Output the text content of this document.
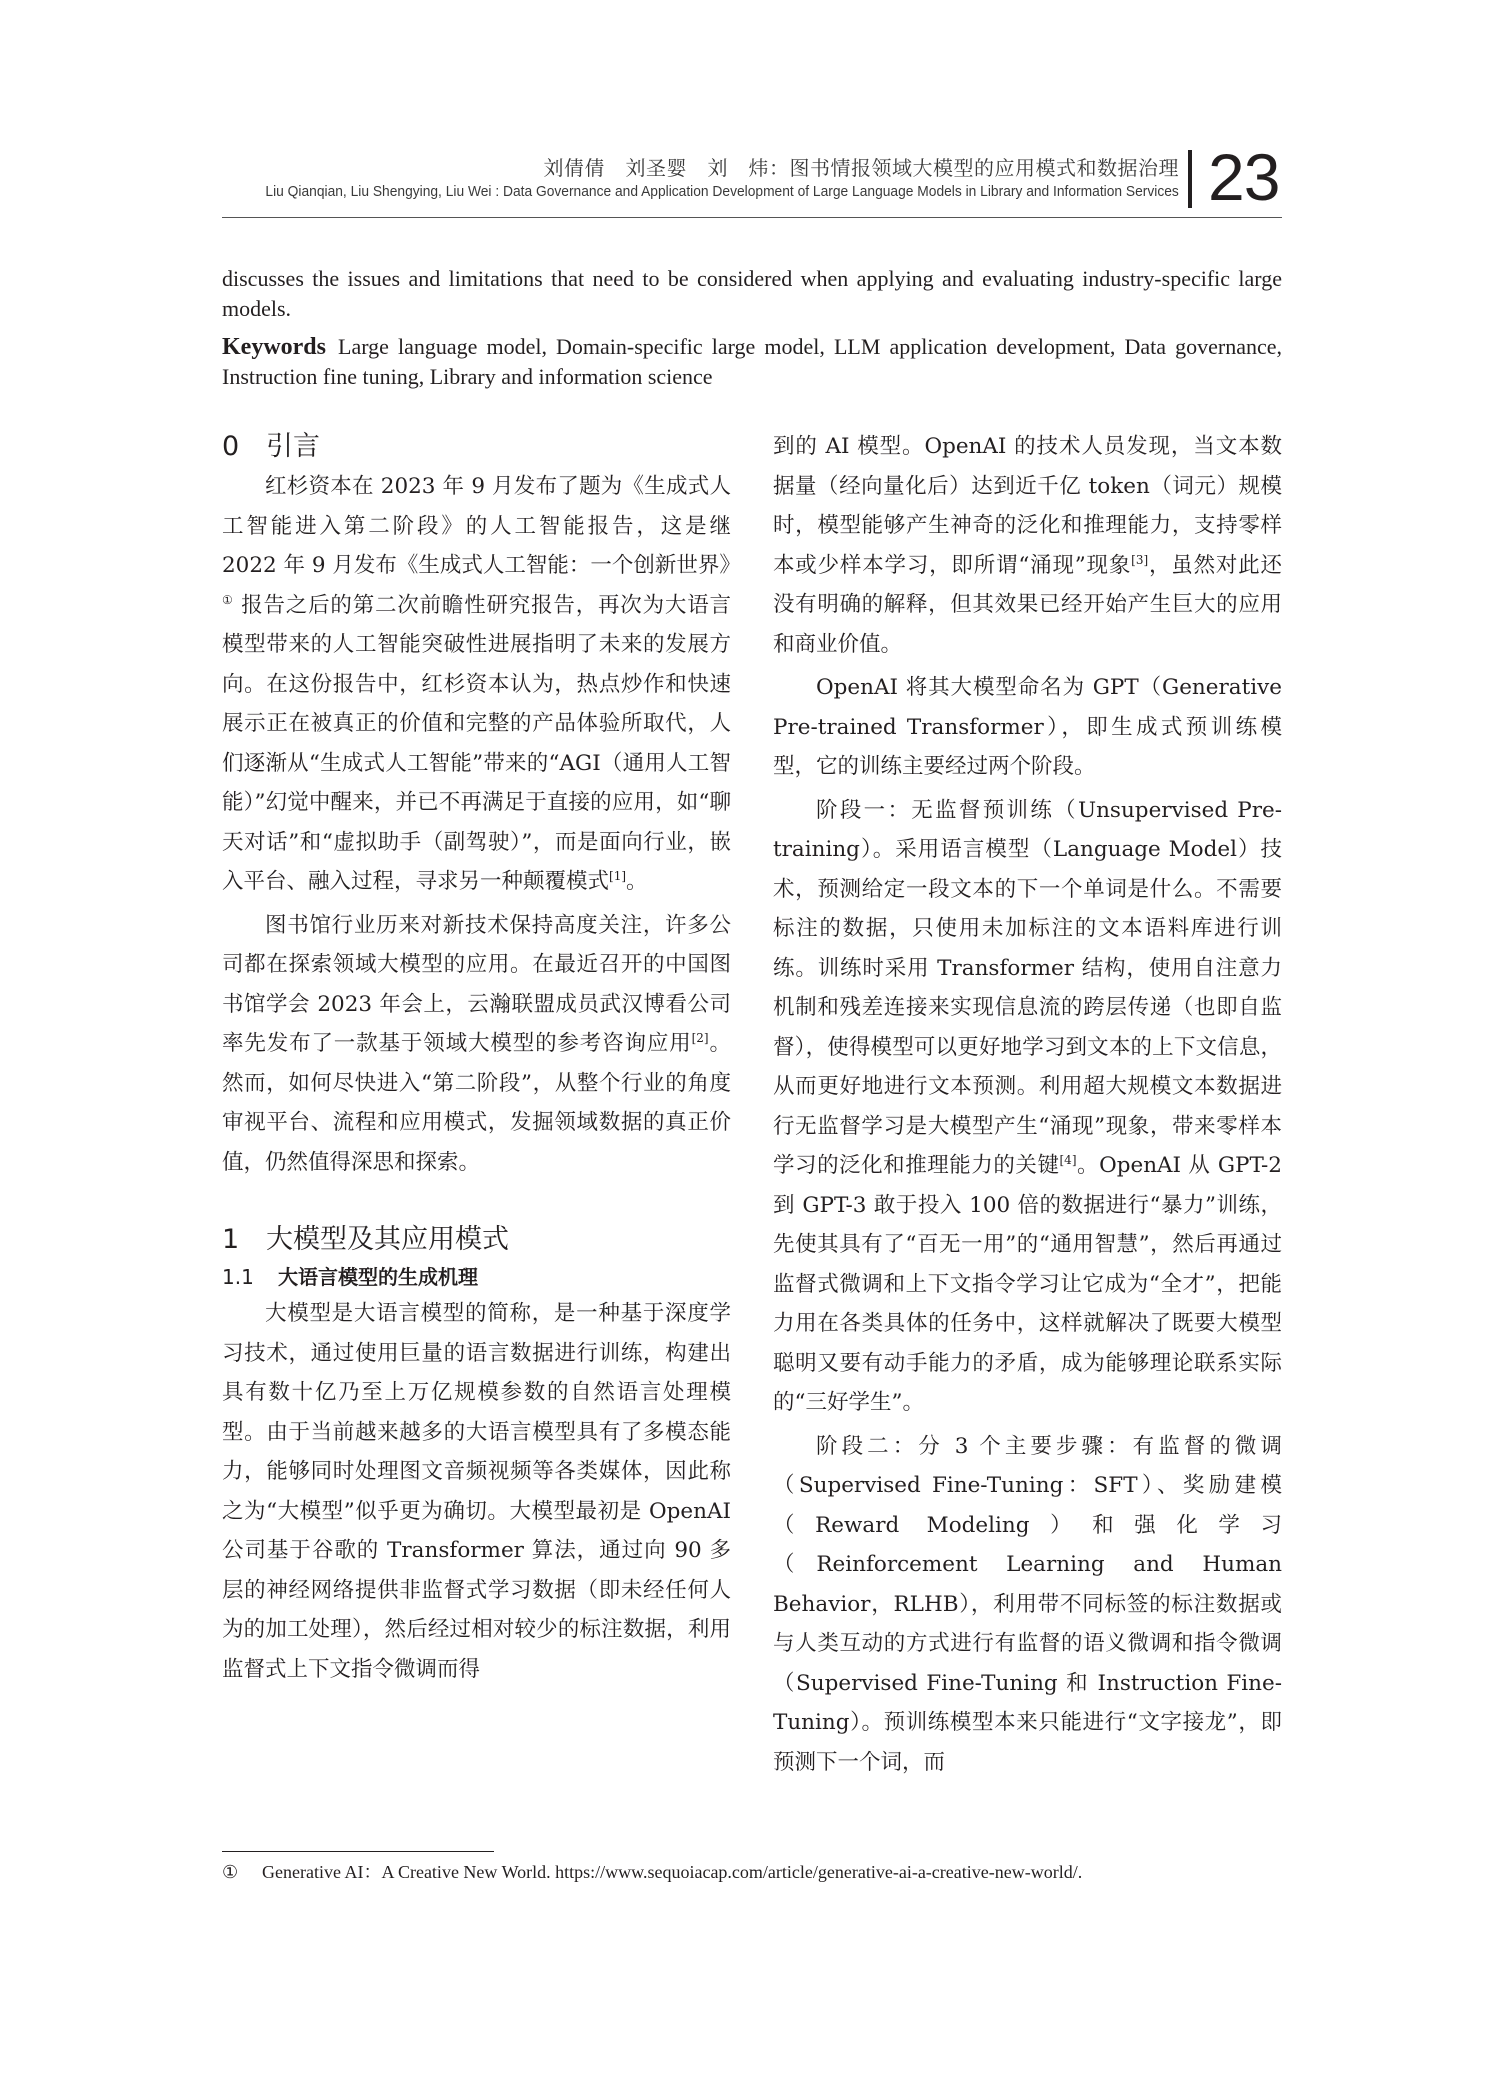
刘倩倩　刘圣婴　刘　炜：图书情报领域大模型的应用模式和数据治理
Liu Qianqian, Liu Shengying, Liu Wei : Data Governance and Application Development of Large Language Models in Library and Information Services 23
discusses the issues and limitations that need to be considered when applying and evaluating industry-specific large models.
Keywords Large language model, Domain-specific large model, LLM application development, Data governance, Instruction fine tuning, Library and information science
0 引言

红杉资本在 2023 年 9 月发布了题为《生成式人工智能进入第二阶段》的人工智能报告，这是继 2022 年 9 月发布《生成式人工智能：一个创新世界》① 报告之后的第二次前瞻性研究报告，再次为大语言模型带来的人工智能突破性进展指明了未来的发展方向。在这份报告中，红杉资本认为，热点炒作和快速展示正在被真正的价值和完整的产品体验所取代，人们逐渐从“生成式人工智能”带来的“AGI（通用人工智能）”幻觉中醒来，并已不再满足于直接的应用，如“聊天对话”和“虚拟助手（副驾驶）”，而是面向行业，嵌入平台、融入过程，寻求另一种颠覆模式[1]。

图书馆行业历来对新技术保持高度关注，许多公司都在探索领域大模型的应用。在最近召开的中国图书馆学会 2023 年会上，云瀚联盟成员武汉博看公司率先发布了一款基于领域大模型的参考咨询应用[2]。然而，如何尽快进入“第二阶段”，从整个行业的角度审视平台、流程和应用模式，发掘领域数据的真正价值，仍然值得深思和探索。

1 大模型及其应用模式
1.1 大语言模型的生成机理

大模型是大语言模型的简称，是一种基于深度学习技术，通过使用巨量的语言数据进行训练，构建出具有数十亿乃至上万亿规模参数的自然语言处理模型。由于当前越来越多的大语言模型具有了多模态能力，能够同时处理图文音频视频等各类媒体，因此称之为“大模型”似乎更为确切。大模型最初是 OpenAI 公司基于谷歌的 Transformer 算法，通过向 90 多层的神经网络提供非监督式学习数据（即未经任何人为的加工处理），然后经过相对较少的标注数据，利用监督式上下文指令微调而得

到的 AI 模型。OpenAI 的技术人员发现，当文本数据量（经向量化后）达到近千亿 token（词元）规模时，模型能够产生神奇的泛化和推理能力，支持零样本或少样本学习，即所谓“涌现”现象[3]，虽然对此还没有明确的解释，但其效果已经开始产生巨大的应用和商业价值。

OpenAI 将其大模型命名为 GPT（Generative Pre-trained Transformer），即生成式预训练模型，它的训练主要经过两个阶段。

阶段一：无监督预训练（Unsupervised Pre-training）。采用语言模型（Language Model）技术，预测给定一段文本的下一个单词是什么。不需要标注的数据，只使用未加标注的文本语料库进行训练。训练时采用 Transformer 结构，使用自注意力机制和残差连接来实现信息流的跨层传递（也即自监督），使得模型可以更好地学习到文本的上下文信息，从而更好地进行文本预测。利用超大规模文本数据进行无监督学习是大模型产生“涌现”现象，带来零样本学习的泛化和推理能力的关键[4]。OpenAI 从 GPT-2 到 GPT-3 敢于投入 100 倍的数据进行“暴力”训练，先使其具有了“百无一用”的“通用智慧”，然后再通过监督式微调和上下文指令学习让它成为“全才”，把能力用在各类具体的任务中，这样就解决了既要大模型聪明又要有动手能力的矛盾，成为能够理论联系实际的“三好学生”。

阶段二：分 3 个主要步骤：有监督的微调（Supervised Fine-Tuning：SFT）、奖励建模（Reward Modeling）和强化学习（Reinforcement Learning and Human Behavior，RLHB），利用带不同标签的标注数据或与人类互动的方式进行有监督的语义微调和指令微调（Supervised Fine-Tuning 和 Instruction Fine-Tuning）。预训练模型本来只能进行“文字接龙”，即预测下一个词，而

① Generative AI：A Creative New World. https://www.sequoiacap.com/article/generative-ai-a-creative-new-world/.
